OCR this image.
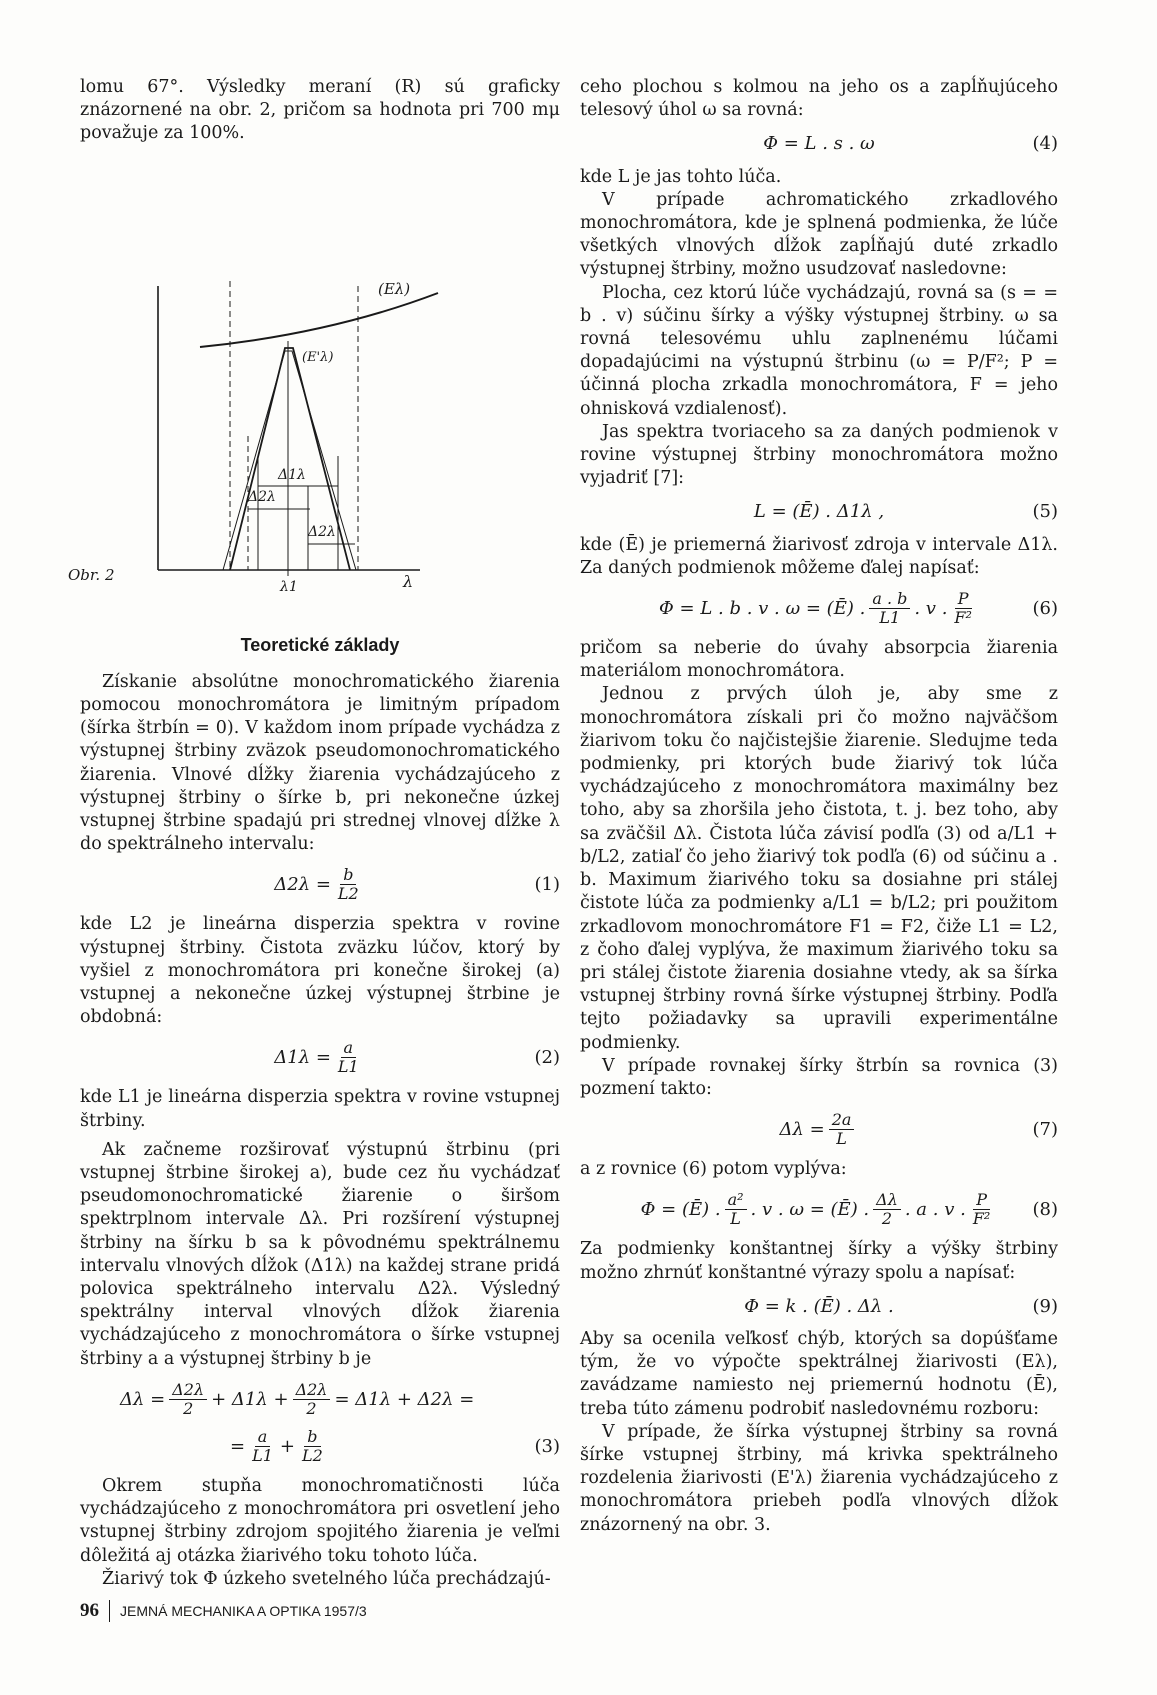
lomu 67°. Výsledky meraní (R) sú graficky znázornené na obr. 2, pričom sa hodnota pri 700 mμ považuje za 100%.

Obr. 2
(Eλ)
(E'λ)
Δ1λ
Δ2λ
Δ2λ
λ1	λ
Teoretické základy

Získanie absolútne monochromatického žiarenia pomocou monochromátora je limitným prípadom (šírka štrbín = 0). V každom inom prípade vychádza z výstupnej štrbiny zväzok pseudomonochromatického žiarenia. Vlnové dĺžky žiarenia vychádzajúceho z výstupnej štrbiny o šírke b, pri nekonečne úzkej vstupnej štrbine spadajú pri strednej vlnovej dĺžke λ do spektrálneho intervalu:

$\Delta 2\lambda = \frac{b}{L2}$	(1)

kde L2 je lineárna disperzia spektra v rovine výstupnej štrbiny. Čistota zväzku lúčov, ktorý by vyšiel z monochromátora pri konečne širokej (a) vstupnej a nekonečne úzkej výstupnej štrbine je obdobná:

$\Delta 1\lambda = \frac{a}{L1}$	(2)

kde L1 je lineárna disperzia spektra v rovine vstupnej štrbiny.

Ak začneme rozširovať výstupnú štrbinu (pri vstupnej štrbine širokej a), bude cez ňu vychádzať pseudomonochromatické žiarenie o širšom spektrplnom intervale Δλ. Pri rozšírení výstupnej štrbiny na šírku b sa k pôvodnému spektrálnemu intervalu vlnových dĺžok (Δ1λ) na každej strane pridá polovica spektrálneho intervalu Δ2λ. Výsledný spektrálny interval vlnových dĺžok žiarenia vychádzajúceho z monochromátora o šírke vstupnej štrbiny a a výstupnej štrbiny b je

$\Delta\lambda = \frac{\Delta 2\lambda}{2} + \Delta 1\lambda + \frac{\Delta 2\lambda}{2} = \Delta 1\lambda + \Delta 2\lambda$ =
= $\frac{a}{L1} + \frac{b}{L2}$	(3)

Okrem stupňa monochromatičnosti lúča vychádzajúceho z monochromátora pri osvetlení jeho vstupnej štrbiny zdrojom spojitého žiarenia je veľmi dôležitá aj otázka žiarivého toku tohoto lúča.

Žiarivý tok Φ úzkeho svetelného lúča prechádzajú-

ceho plochou s kolmou na jeho os a zapĺňujúceho telesový úhol ω sa rovná:

Φ = L . s . ω	(4)

kde L je jas tohto lúča.

V prípade achromatického zrkadlového monochromátora, kde je splnená podmienka, že lúče všetkých vlnových dĺžok zapĺňajú duté zrkadlo výstupnej štrbiny, možno usudzovať nasledovne:

Plocha, cez ktorú lúče vychádzajú, rovná sa (s = = b . v) súčinu šírky a výšky výstupnej štrbiny. ω sa rovná telesovému uhlu zaplnenému lúčami dopadajúcimi na výstupnú štrbinu (ω = P/F²; P = účinná plocha zrkadla monochromátora, F = jeho ohnisková vzdialenosť).

Jas spektra tvoriaceho sa za daných podmienok v rovine výstupnej štrbiny monochromátora možno vyjadriť [7]:

L = (Ē) . Δ1λ ,	(5)

kde (Ē) je priemerná žiarivosť zdroja v intervale Δ1λ. Za daných podmienok môžeme ďalej napísať:

Φ = L . b . v . ω = (Ē) . $\frac{a . b}{L1}$ . v . $\frac{P}{\text{F²}}$	(6)

pričom sa neberie do úvahy absorpcia žiarenia materiálom monochromátora.

Jednou z prvých úloh je, aby sme z monochromátora získali pri čo možno najväčšom žiarivom toku čo najčistejšie žiarenie. Sledujme teda podmienky, pri ktorých bude žiarivý tok lúča vychádzajúceho z monochromátora maximálny bez toho, aby sa zhoršila jeho čistota, t. j. bez toho, aby sa zväčšil Δλ. Čistota lúča závisí podľa (3) od a/L1 + b/L2, zatiaľ čo jeho žiarivý tok podľa (6) od súčinu a . b. Maximum žiarivého toku sa dosiahne pri stálej čistote lúča za podmienky a/L1 = b/L2; pri použitom zrkadlovom monochromátore F1 = F2, čiže L1 = L2, z čoho ďalej vyplýva, že maximum žiarivého toku sa pri stálej čistote žiarenia dosiahne vtedy, ak sa šírka vstupnej štrbiny rovná šírke výstupnej štrbiny. Podľa tejto požiadavky sa upravili experimentálne podmienky.

V prípade rovnakej šírky štrbín sa rovnica (3) pozmení takto:

$\Delta\lambda = \frac{2a}{L}$	(7)

a z rovnice (6) potom vyplýva:

Φ = (Ē) . $\frac{\text{a²}}{L}$ . v . ω = (Ē) . $\frac{\Delta\lambda}{2}$ . a . v . $\frac{P}{\text{F²}} (8)$

Za podmienky konštantnej šírky a výšky štrbiny možno zhrnúť konštantné výrazy spolu a napísať:

Φ = k . (Ē) . Δλ .	(9)

Aby sa ocenila veľkosť chýb, ktorých sa dopúšťame tým, že vo výpočte spektrálnej žiarivosti (Eλ), zavádzame namiesto nej priemernú hodnotu (Ē), treba túto zámenu podrobiť nasledovnému rozboru:

V prípade, že šírka výstupnej štrbiny sa rovná šírke vstupnej štrbiny, má krivka spektrálneho rozdelenia žiarivosti (E'λ) žiarenia vychádzajúceho z monochromátora priebeh podľa vlnových dĺžok znázornený na obr. 3.

96 JEMNÁ MECHANIKA A OPTIKA 1957/3
